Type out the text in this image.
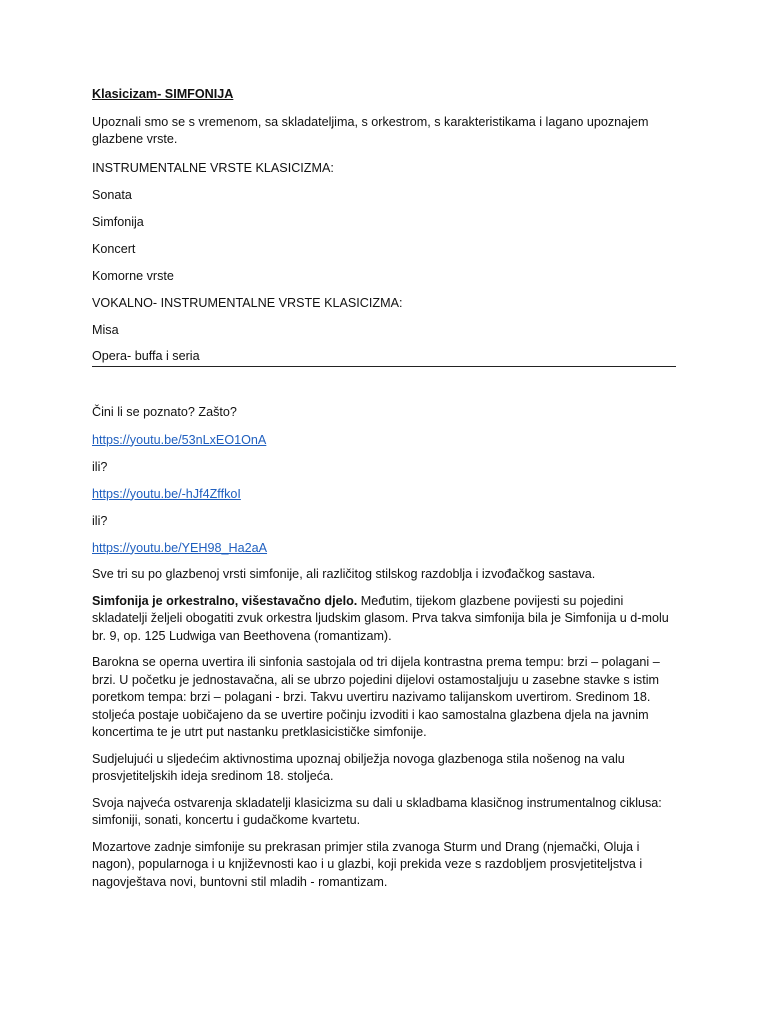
Klasicizam- SIMFONIJA

Upoznali smo se s vremenom, sa skladateljima, s orkestrom, s karakteristikama i lagano upoznajem glazbene vrste.

INSTRUMENTALNE VRSTE KLASICIZMA:

Sonata

Simfonija

Koncert

Komorne vrste

VOKALNO- INSTRUMENTALNE VRSTE KLASICIZMA:

Misa

Opera- buffa i seria

Čini li se poznato? Zašto?

https://youtu.be/53nLxEO1OnA

ili?

https://youtu.be/-hJf4ZffkoI

ili?

https://youtu.be/YEH98_Ha2aA

Sve tri su po glazbenoj vrsti simfonije, ali različitog stilskog razdoblja i izvođačkog sastava.

Simfonija je orkestralno, višestavačno djelo. Međutim, tijekom glazbene povijesti su pojedini skladatelji željeli obogatiti zvuk orkestra ljudskim glasom. Prva takva simfonija bila je Simfonija u d-molu br. 9, op. 125 Ludwiga van Beethovena (romantizam).

Barokna se operna uvertira ili sinfonia sastojala od tri dijela kontrastna prema tempu: brzi – polagani – brzi. U početku je jednostavačna, ali se ubrzo pojedini dijelovi ostamostaljuju u zasebne stavke s istim poretkom tempa: brzi – polagani - brzi. Takvu uvertiru nazivamo talijanskom uvertirom. Sredinom 18. stoljeća postaje uobičajeno da se uvertire počinju izvoditi i kao samostalna glazbena djela na javnim koncertima te je utrt put nastanku pretklasicističke simfonije.

Sudjelujući u sljedećim aktivnostima upoznaj obilježja novoga glazbenoga stila nošenog na valu prosvjetiteljskih ideja sredinom 18. stoljeća.

Svoja najveća ostvarenja skladatelji klasicizma su dali u skladbama klasičnog instrumentalnog ciklusa: simfoniji, sonati, koncertu i gudačkome kvartetu.

Mozartove zadnje simfonije su prekrasan primjer stila zvanoga Sturm und Drang (njemački, Oluja i nagon), popularnoga i u književnosti kao i u glazbi, koji prekida veze s razdobljem prosvjetiteljstva i nagovještava novi, buntovni stil mladih - romantizam.
